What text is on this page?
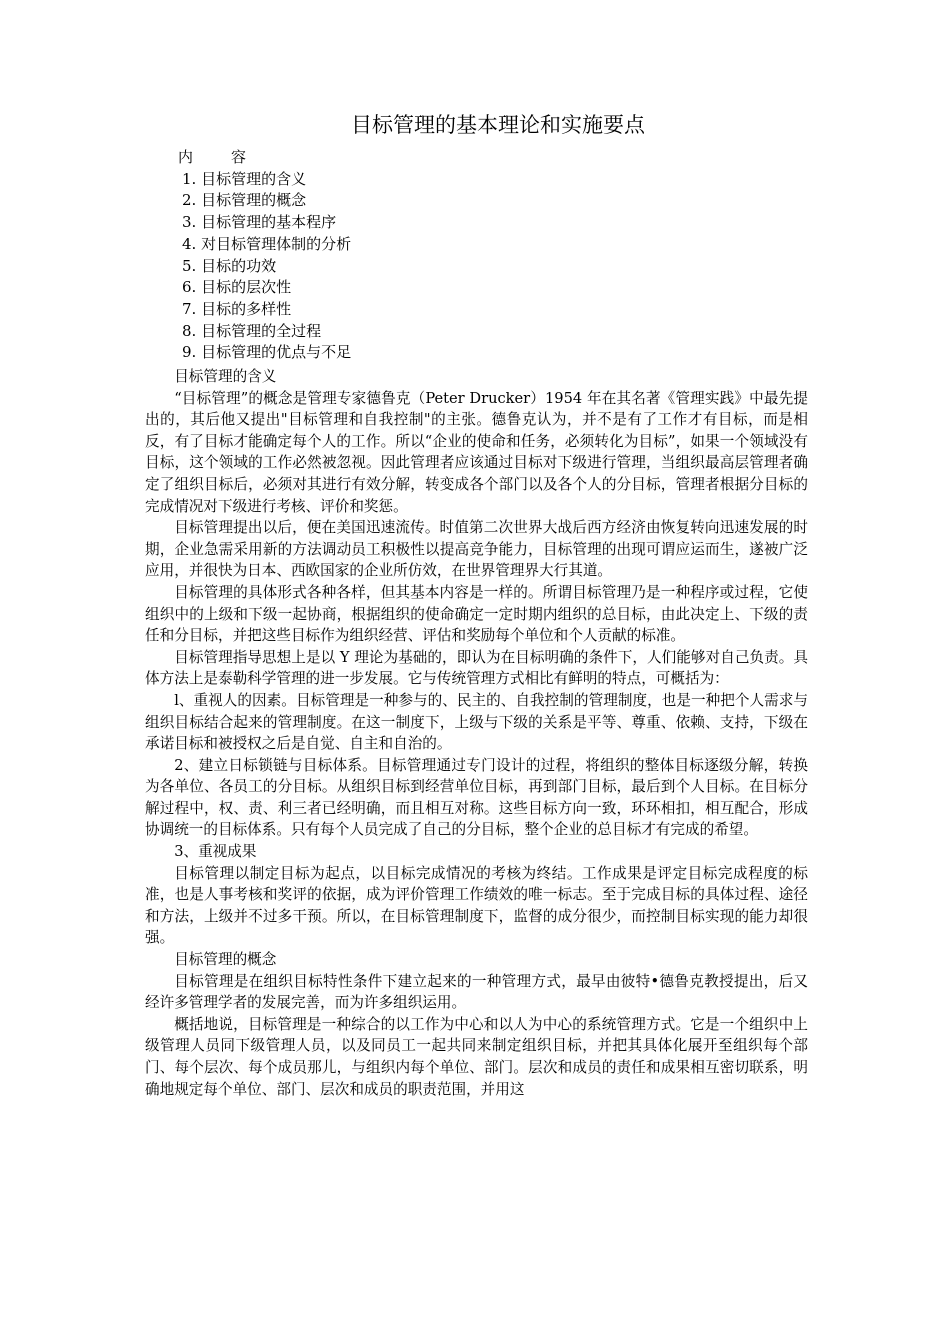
目标管理的基本理论和实施要点
内	容
1. 目标管理的含义
2. 目标管理的概念
3. 目标管理的基本程序
4. 对目标管理体制的分析
5. 目标的功效
6. 目标的层次性
7. 目标的多样性
8. 目标管理的全过程
9. 目标管理的优点与不足

目标管理的含义

“目标管理”的概念是管理专家德鲁克（Peter Drucker）1954 年在其名著《管理实践》中最先提出的，其后他又提出"目标管理和自我控制"的主张。德鲁克认为，并不是有了工作才有目标，而是相反，有了目标才能确定每个人的工作。所以“企业的使命和任务，必须转化为目标”，如果一个领域没有目标，这个领域的工作必然被忽视。因此管理者应该通过目标对下级进行管理，当组织最高层管理者确定了组织目标后，必须对其进行有效分解，转变成各个部门以及各个人的分目标，管理者根据分目标的完成情况对下级进行考核、评价和奖惩。

目标管理提出以后，便在美国迅速流传。时值第二次世界大战后西方经济由恢复转向迅速发展的时期，企业急需采用新的方法调动员工积极性以提高竞争能力，目标管理的出现可谓应运而生，遂被广泛应用，并很快为日本、西欧国家的企业所仿效，在世界管理界大行其道。

目标管理的具体形式各种各样，但其基本内容是一样的。所谓目标管理乃是一种程序或过程，它使组织中的上级和下级一起协商，根据组织的使命确定一定时期内组织的总目标，由此决定上、下级的责任和分目标，并把这些目标作为组织经营、评估和奖励每个单位和个人贡献的标准。

目标管理指导思想上是以 Y 理论为基础的，即认为在目标明确的条件下，人们能够对自己负责。具体方法上是泰勒科学管理的进一步发展。它与传统管理方式相比有鲜明的特点，可概括为：

l、重视人的因素。目标管理是一种参与的、民主的、自我控制的管理制度，也是一种把个人需求与组织目标结合起来的管理制度。在这一制度下，上级与下级的关系是平等、尊重、依赖、支持，下级在承诺目标和被授权之后是自觉、自主和自治的。

2、建立日标锁链与目标体系。目标管理通过专门设计的过程，将组织的整体目标逐级分解，转换为各单位、各员工的分目标。从组织目标到经营单位目标，再到部门目标，最后到个人目标。在目标分解过程中，权、责、利三者已经明确，而且相互对称。这些目标方向一致，环环相扣，相互配合，形成协调统一的目标体系。只有每个人员完成了自己的分目标，整个企业的总目标才有完成的希望。

3、重视成果

目标管理以制定目标为起点，以目标完成情况的考核为终结。工作成果是评定目标完成程度的标准，也是人事考核和奖评的依据，成为评价管理工作绩效的唯一标志。至于完成目标的具体过程、途径和方法，上级并不过多干预。所以，在目标管理制度下，监督的成分很少，而控制目标实现的能力却很强。

目标管理的概念

目标管理是在组织目标特性条件下建立起来的一种管理方式，最早由彼特•德鲁克教授提出，后又经许多管理学者的发展完善，而为许多组织运用。

概括地说，目标管理是一种综合的以工作为中心和以人为中心的系统管理方式。它是一个组织中上级管理人员同下级管理人员，以及同员工一起共同来制定组织目标，并把其具体化展开至组织每个部门、每个层次、每个成员那儿，与组织内每个单位、部门。层次和成员的责任和成果相互密切联系，明确地规定每个单位、部门、层次和成员的职责范围，并用这
